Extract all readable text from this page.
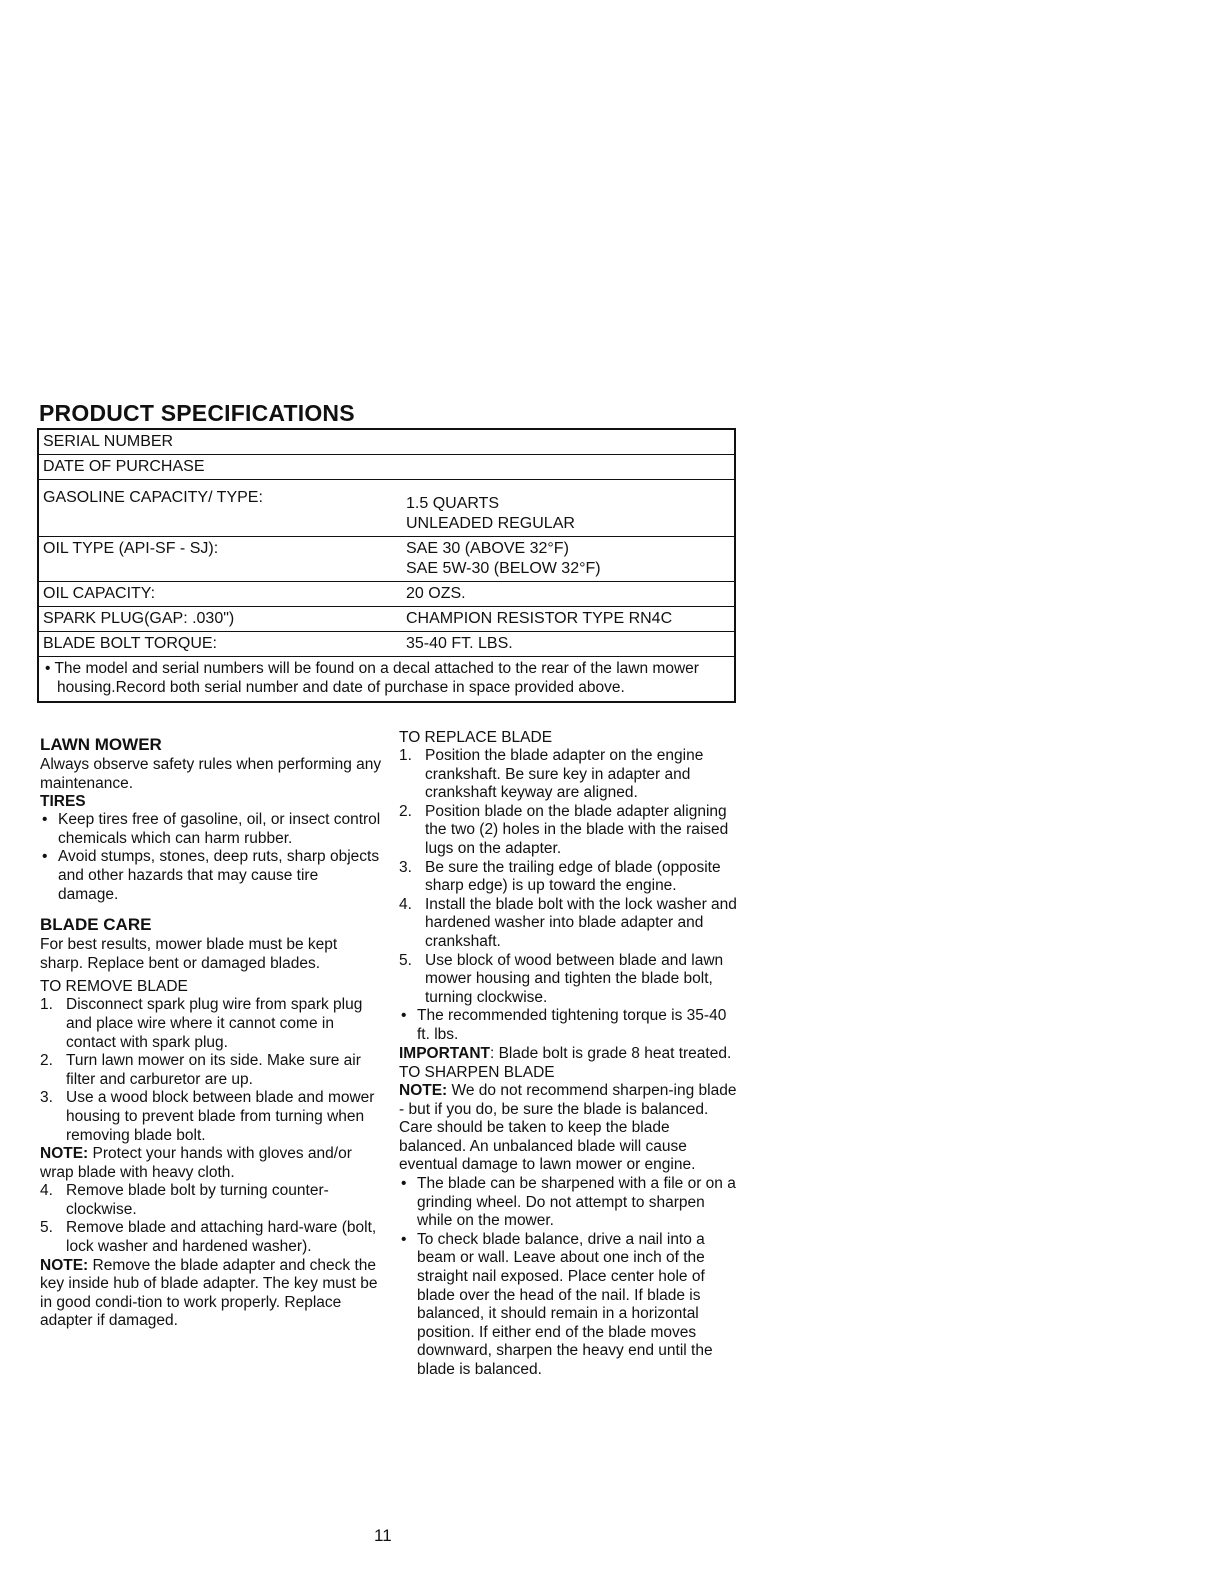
PRODUCT SPECIFICATIONS
SERIAL NUMBER
DATE OF PURCHASE
GASOLINE CAPACITY/ TYPE:	1.5 QUARTS
UNLEADED REGULAR
OIL TYPE (API-SF - SJ):	SAE 30 (ABOVE 32°F)
SAE 5W-30 (BELOW 32°F)
OIL CAPACITY:	20 OZS.
SPARK PLUG(GAP: .030")	CHAMPION RESISTOR TYPE RN4C
BLADE BOLT TORQUE:	35-40 FT. LBS.
• The model and serial numbers will be found on a decal attached to the rear of the lawn mower housing.Record both serial number and date of purchase in space provided above.
LAWN MOWER

Always observe safety rules when performing any maintenance.

TIRES
• Keep tires free of gasoline, oil, or insect control chemicals which can harm rubber.
• Avoid stumps, stones, deep ruts, sharp objects and other hazards that may cause tire damage.
BLADE CARE

For best results, mower blade must be kept sharp. Replace bent or damaged blades.

TO REMOVE BLADE
1. Disconnect spark plug wire from spark plug and place wire where it cannot come in contact with spark plug.
2. Turn lawn mower on its side. Make sure air filter and carburetor are up.
3. Use a wood block between blade and mower housing to prevent blade from turning when removing blade bolt.

NOTE: Protect your hands with gloves and/or wrap blade with heavy cloth.

4. Remove blade bolt by turning counter-clockwise.
5. Remove blade and attaching hard-ware (bolt, lock washer and hardened washer).

NOTE: Remove the blade adapter and check the key inside hub of blade adapter. The key must be in good condi-tion to work properly. Replace adapter if damaged.

TO REPLACE BLADE
1. Position the blade adapter on the engine crankshaft. Be sure key in adapter and crankshaft keyway are aligned.
2. Position blade on the blade adapter aligning the two (2) holes in the blade with the raised lugs on the adapter.
3. Be sure the trailing edge of blade (opposite sharp edge) is up toward the engine.
4. Install the blade bolt with the lock washer and hardened washer into blade adapter and crankshaft.
5. Use block of wood between blade and lawn mower housing and tighten the blade bolt, turning clockwise.
• The recommended tightening torque is 35-40 ft. lbs.

IMPORTANT: Blade bolt is grade 8 heat treated.

TO SHARPEN BLADE

NOTE: We do not recommend sharpen-ing blade - but if you do, be sure the blade is balanced.

Care should be taken to keep the blade balanced. An unbalanced blade will cause eventual damage to lawn mower or engine.

• The blade can be sharpened with a file or on a grinding wheel. Do not attempt to sharpen while on the mower.
• To check blade balance, drive a nail into a beam or wall. Leave about one inch of the straight nail exposed. Place center hole of blade over the head of the nail. If blade is balanced, it should remain in a horizontal position. If either end of the blade moves downward, sharpen the heavy end until the blade is balanced.
11
